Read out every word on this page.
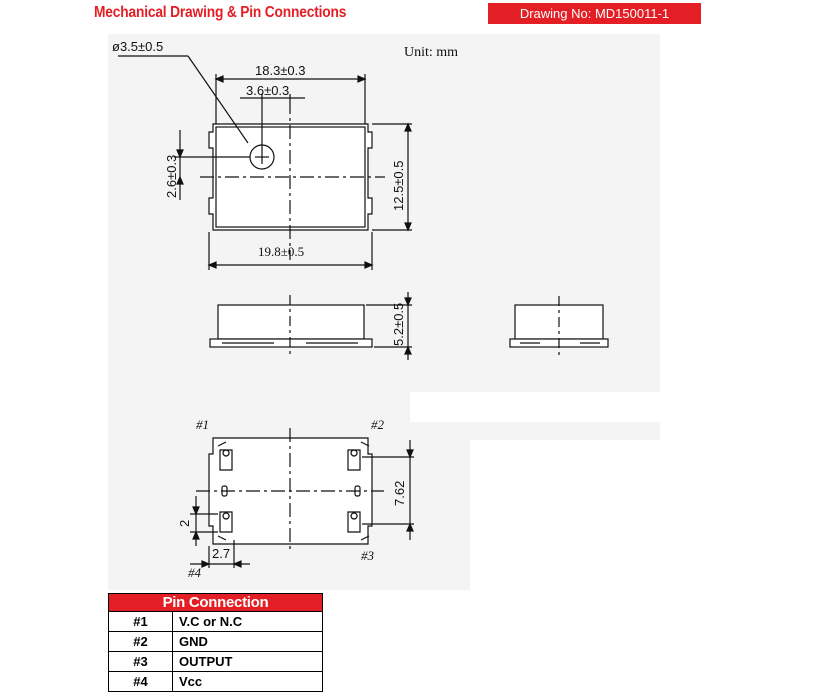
Mechanical Drawing & Pin Connections	Drawing No: MD150011-1
Unit: mm
ø3.5±0.5
18.3±0.3
3.6±0.3
2.6±0.3	12.5±0.5
19.8±0.5
5.2±0.5
7.62
2
2.7
#1	#2
#3
#4
Pin Connection	
#1	V.C or N.C
#2	GND
#3	OUTPUT
#4	Vcc
